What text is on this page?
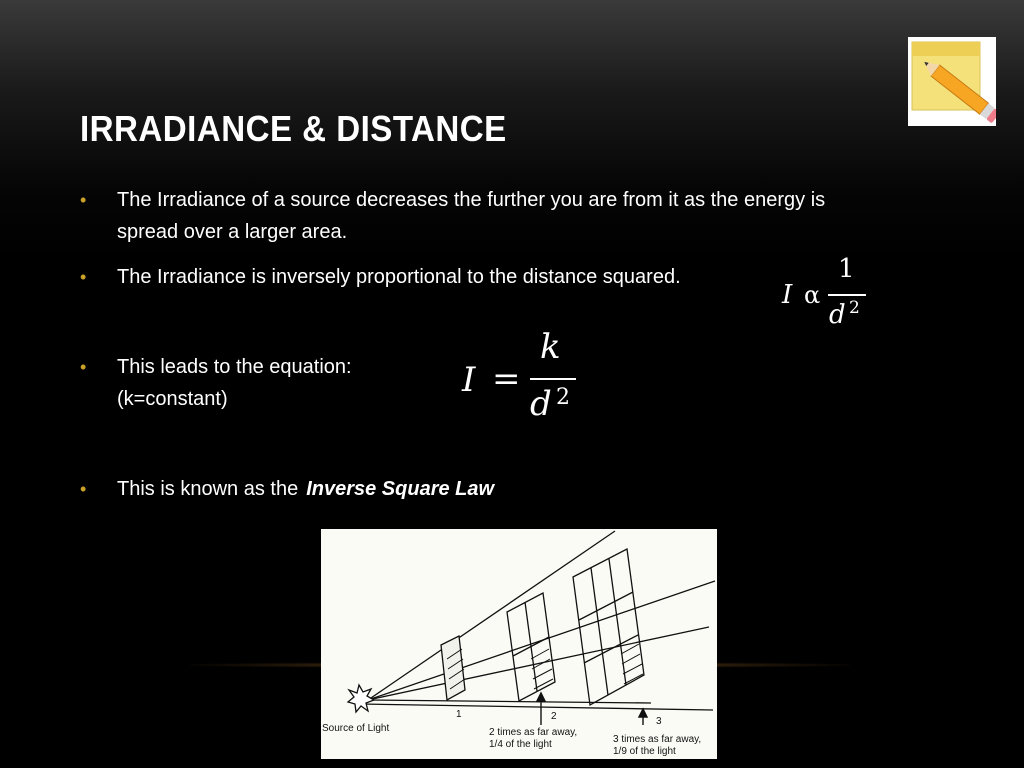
IRRADIANCE & DISTANCE
• The Irradiance of a source decreases the further you are from it as the energy is
spread over a larger area.
• The Irradiance is inversely proportional to the distance squared.
• This leads to the equation:
(k=constant)
• This is known as the Inverse Square Law
I α
1
d 2
I =
k
d 2
Source of Light
1	2	3
2 times as far away,
1/4 of the light	3 times as far away,
1/9 of the light
